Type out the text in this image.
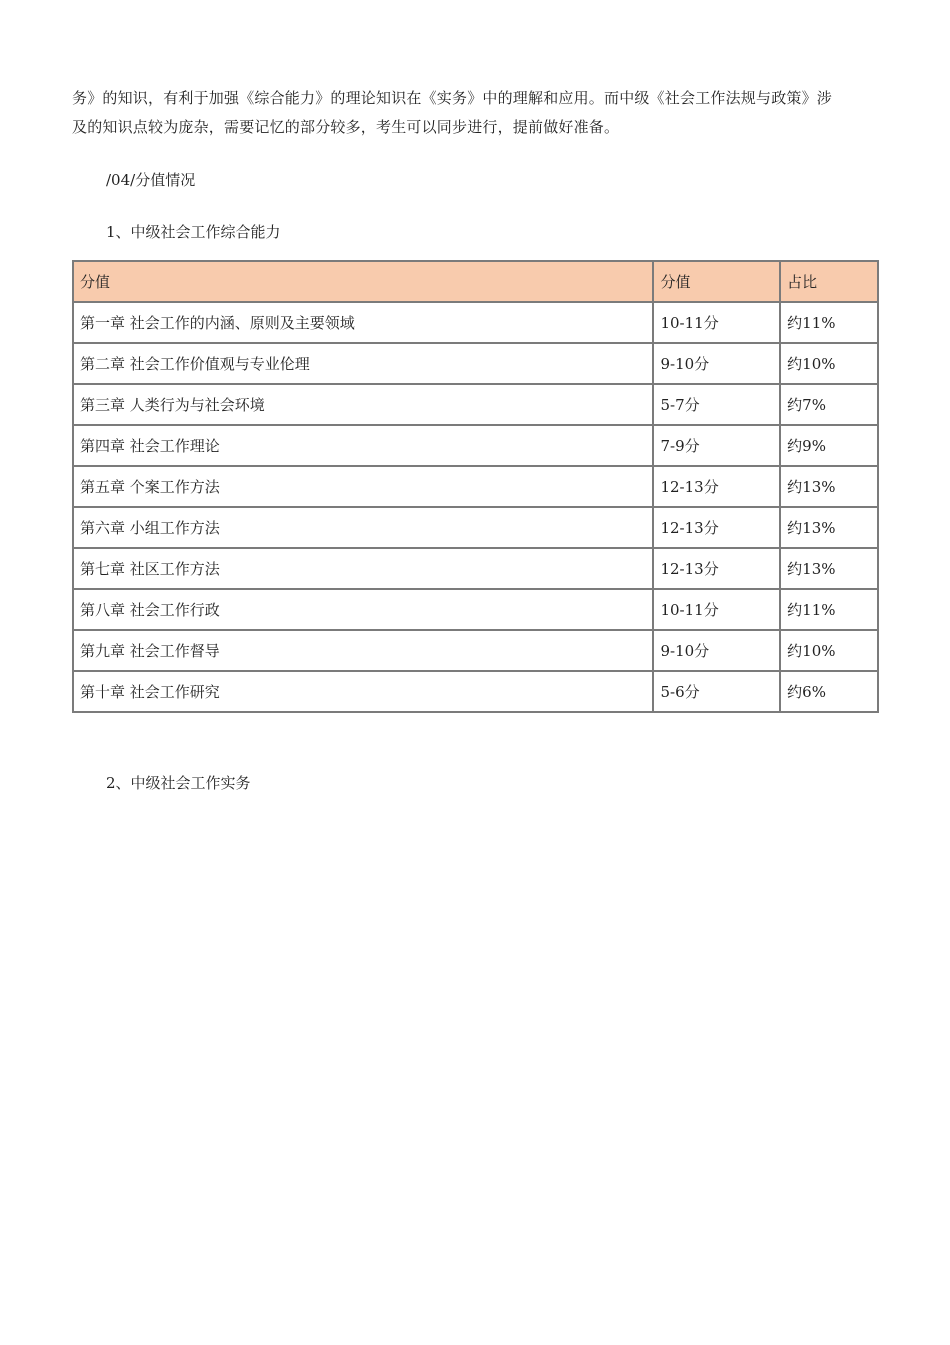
务》的知识，有利于加强《综合能力》的理论知识在《实务》中的理解和应用。而中级《社会工作法规与政策》涉
及的知识点较为庞杂，需要记忆的部分较多，考生可以同步进行，提前做好准备。

/04/分值情况

1、中级社会工作综合能力

分值	分值	占比
第一章 社会工作的内涵、原则及主要领域	10-11分	约11%
第二章 社会工作价值观与专业伦理	9-10分	约10%
第三章 人类行为与社会环境	5-7分	约7%
第四章 社会工作理论	7-9分	约9%
第五章 个案工作方法	12-13分	约13%
第六章 小组工作方法	12-13分	约13%
第七章 社区工作方法	12-13分	约13%
第八章 社会工作行政	10-11分	约11%
第九章 社会工作督导	9-10分	约10%
第十章 社会工作研究	5-6分	约6%

2、中级社会工作实务
